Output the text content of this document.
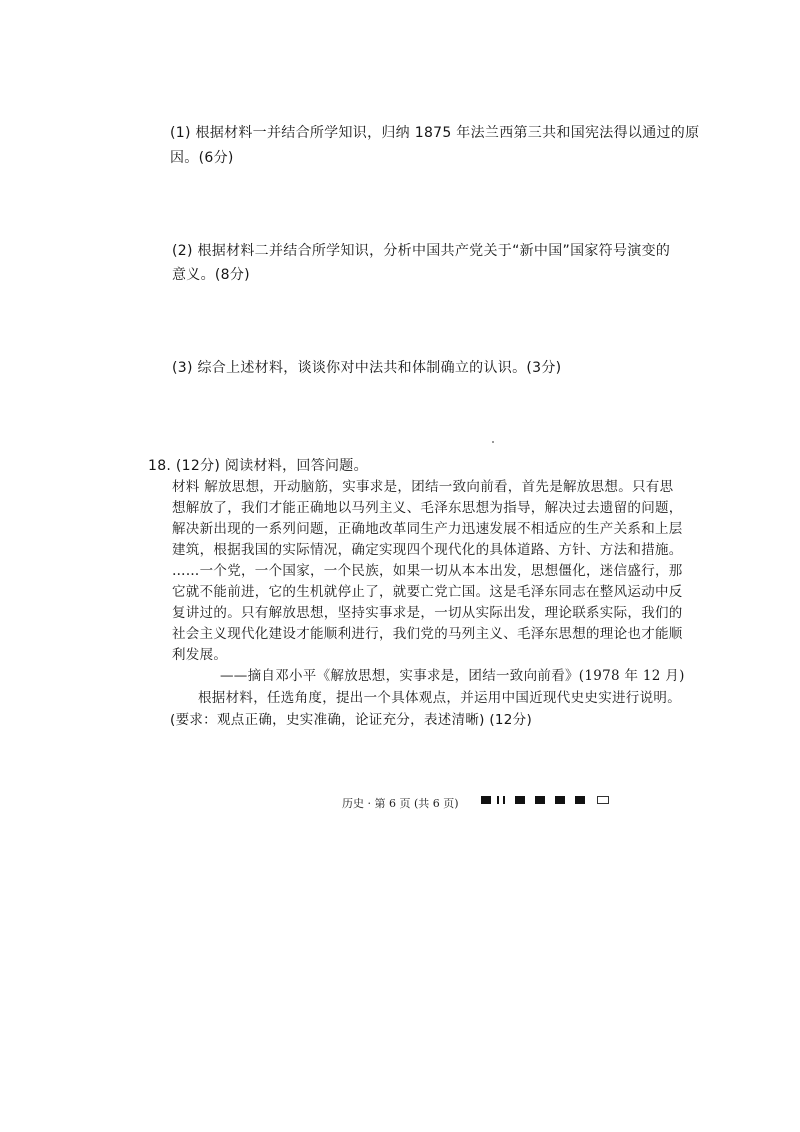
(1) 根据材料一并结合所学知识，归纳 1875 年法兰西第三共和国宪法得以通过的原
因。(6分)
(2) 根据材料二并结合所学知识，分析中国共产党关于“新中国”国家符号演变的
意义。(8分)
(3) 综合上述材料，谈谈你对中法共和体制确立的认识。(3分)
18. (12分) 阅读材料，回答问题。
材料 解放思想，开动脑筋，实事求是，团结一致向前看，首先是解放思想。只有思
想解放了，我们才能正确地以马列主义、毛泽东思想为指导，解决过去遗留的问题，
解决新出现的一系列问题，正确地改革同生产力迅速发展不相适应的生产关系和上层
建筑，根据我国的实际情况，确定实现四个现代化的具体道路、方针、方法和措施。
……一个党，一个国家，一个民族，如果一切从本本出发，思想僵化，迷信盛行，那
它就不能前进，它的生机就停止了，就要亡党亡国。这是毛泽东同志在整风运动中反
复讲过的。只有解放思想，坚持实事求是，一切从实际出发，理论联系实际，我们的
社会主义现代化建设才能顺利进行，我们党的马列主义、毛泽东思想的理论也才能顺
利发展。
——摘自邓小平《解放思想，实事求是，团结一致向前看》(1978 年 12 月)
根据材料，任选角度，提出一个具体观点，并运用中国近现代史史实进行说明。
(要求：观点正确，史实准确，论证充分，表述清晰) (12分)
历史 · 第 6 页 (共 6 页)
